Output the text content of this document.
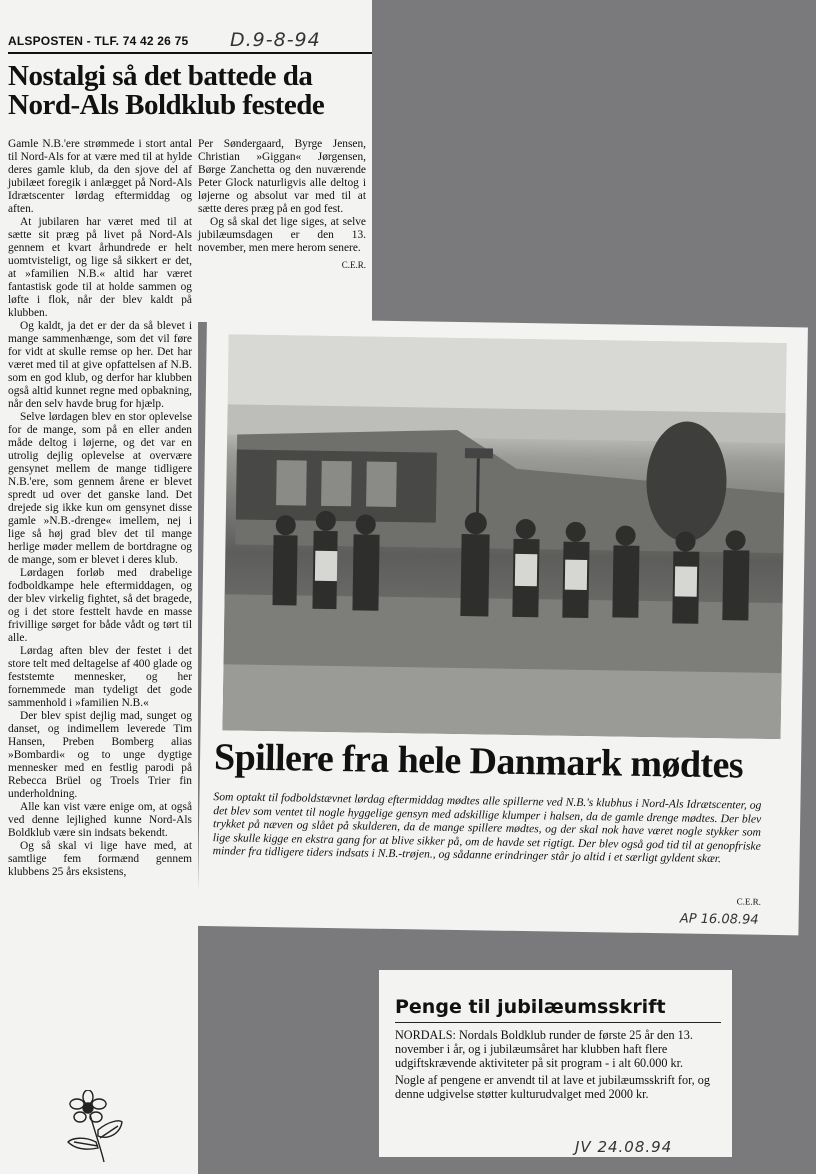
ALSPOSTEN - TLF. 74 42 26 75	D.9-8-94
Nostalgi så det battede da
Nord-Als Boldklub festede

Gamle N.B.'ere strømmede i stort antal til Nord-Als for at være med til at hylde deres gamle klub, da den sjove del af jubilæet foregik i anlægget på Nord-Als Idrætscenter lørdag eftermiddag og aften.

At jubilaren har været med til at sætte sit præg på livet på Nord-Als gennem et kvart århundrede er helt uomtvisteligt, og lige så sikkert er det, at »familien N.B.« altid har været fantastisk gode til at holde sammen og løfte i flok, når der blev kaldt på klubben.

Og kaldt, ja det er der da så blevet i mange sammenhænge, som det vil føre for vidt at skulle remse op her. Det har været med til at give opfattelsen af N.B. som en god klub, og derfor har klubben også altid kunnet regne med opbakning, når den selv havde brug for hjælp.

Selve lørdagen blev en stor oplevelse for de mange, som på en eller anden måde deltog i løjerne, og det var en utrolig dejlig oplevelse at overvære gensynet mellem de mange tidligere N.B.'ere, som gennem årene er blevet spredt ud over det ganske land. Det drejede sig ikke kun om gensynet disse gamle »N.B.-drenge« imellem, nej i lige så høj grad blev det til mange herlige møder mellem de bortdragne og de mange, som er blevet i deres klub.

Lørdagen forløb med drabelige fodboldkampe hele eftermiddagen, og der blev virkelig fightet, så det bragede, og i det store festtelt havde en masse frivillige sørget for både vådt og tørt til alle.

Lørdag aften blev der festet i det store telt med deltagelse af 400 glade og feststemte mennesker, og her fornemmede man tydeligt det gode sammenhold i »familien N.B.«

Der blev spist dejlig mad, sunget og danset, og indimellem leverede Tim Hansen, Preben Bomberg alias »Bombardi« og to unge dygtige mennesker med en festlig parodi på Rebecca Brüel og Troels Trier fin underholdning.

Alle kan vist være enige om, at også ved denne lejlighed kunne Nord-Als Boldklub være sin indsats bekendt.

Og så skal vi lige have med, at samtlige fem formænd gennem klubbens 25 års eksistens,

Per Søndergaard, Byrge Jensen, Christian »Giggan« Jørgensen, Børge Zanchetta og den nuværende Peter Glock naturligvis alle deltog i løjerne og absolut var med til at sætte deres præg på en god fest.

Og så skal det lige siges, at selve jubilæumsdagen er den 13. november, men mere herom senere.

C.E.R.
Spillere fra hele Danmark mødtes
Som optakt til fodboldstævnet lørdag eftermiddag mødtes alle spillerne ved N.B.'s klubhus i Nord-Als Idrætscenter, og det blev som ventet til nogle hyggelige gensyn med adskillige klumper i halsen, da de gamle drenge mødtes. Der blev trykket på næven og slået på skulderen, da de mange spillere mødtes, og der skal nok have været nogle stykker som lige skulle kigge en ekstra gang for at blive sikker på, om de havde set rigtigt. Der blev også god tid til at genopfriske minder fra tidligere tiders indsats i N.B.-trøjen., og sådanne erindringer står jo altid i et særligt gyldent skær.
C.E.R.
AP 16.08.94
Penge til jubilæumsskrift

NORDALS: Nordals Boldklub runder de første 25 år den 13. november i år, og i jubilæumsåret har klubben haft flere udgiftskrævende aktiviteter på sit program - i alt 60.000 kr.

Nogle af pengene er anvendt til at lave et jubilæumsskrift for, og denne udgivelse støtter kulturudvalget med 2000 kr.

JV 24.08.94
